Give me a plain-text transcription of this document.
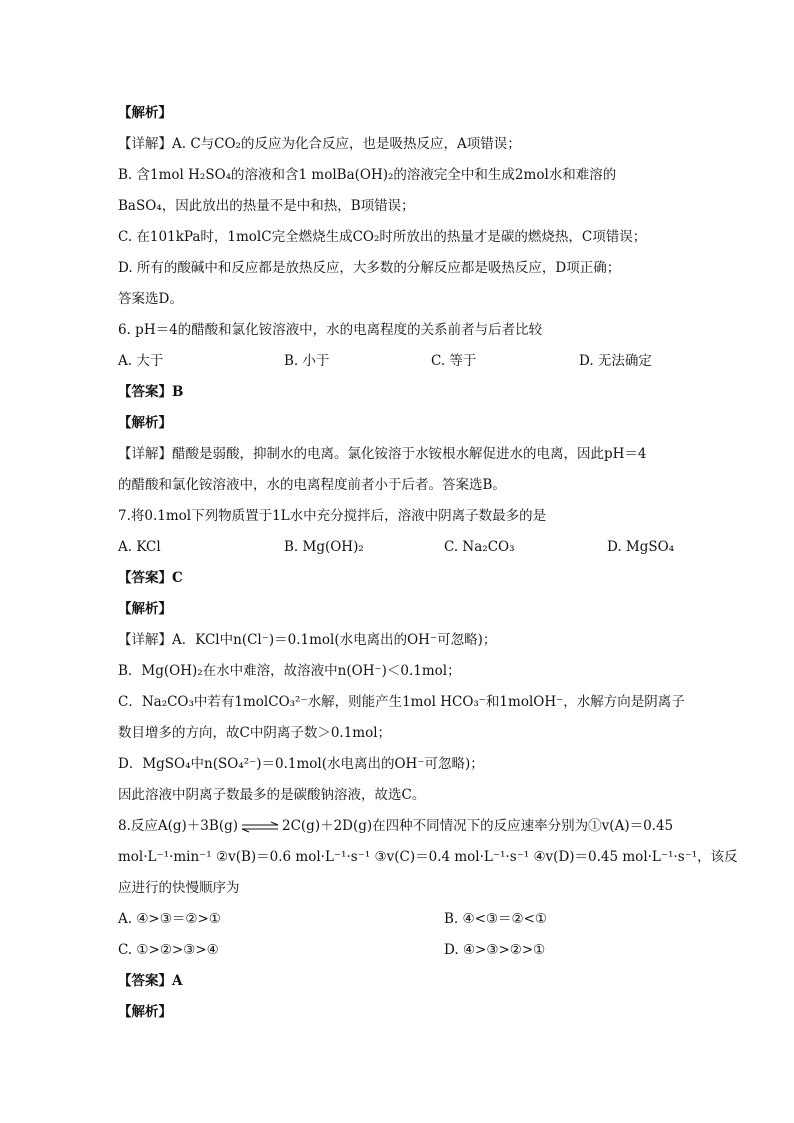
【解析】
【详解】A. C与CO₂的反应为化合反应，也是吸热反应，A项错误；
B. 含1mol H₂SO₄的溶液和含1 molBa(OH)₂的溶液完全中和生成2mol水和难溶的
BaSO₄，因此放出的热量不是中和热，B项错误；
C. 在101kPa时，1molC完全燃烧生成CO₂时所放出的热量才是碳的燃烧热，C项错误；
D. 所有的酸碱中和反应都是放热反应，大多数的分解反应都是吸热反应，D项正确；
答案选D。
6. pH＝4的醋酸和氯化铵溶液中，水的电离程度的关系前者与后者比较
A. 大于	B. 小于	C. 等于	D. 无法确定
【答案】B
【解析】
【详解】醋酸是弱酸，抑制水的电离。氯化铵溶于水铵根水解促进水的电离，因此pH＝4
的醋酸和氯化铵溶液中，水的电离程度前者小于后者。答案选B。
7.将0.1mol下列物质置于1L水中充分搅拌后，溶液中阴离子数最多的是
A. KCl	B. Mg(OH)₂	C. Na₂CO₃	D. MgSO₄
【答案】C
【解析】
【详解】A．KCl中n(Cl⁻)＝0.1mol(水电离出的OH⁻可忽略)；
B．Mg(OH)₂在水中难溶，故溶液中n(OH⁻)＜0.1mol；
C．Na₂CO₃中若有1molCO₃²⁻水解，则能产生1mol HCO₃⁻和1molOH⁻，水解方向是阴离子
数目增多的方向，故C中阴离子数＞0.1mol；
D．MgSO₄中n(SO₄²⁻)＝0.1mol(水电离出的OH⁻可忽略)；
因此溶液中阴离子数最多的是碳酸钠溶液，故选C。
8.反应A(g)＋3B(g) ⇌ 2C(g)＋2D(g)在四种不同情况下的反应速率分别为①v(A)＝0.45
mol·L⁻¹·min⁻¹ ②v(B)＝0.6 mol·L⁻¹·s⁻¹ ③v(C)＝0.4 mol·L⁻¹·s⁻¹ ④v(D)＝0.45 mol·L⁻¹·s⁻¹，该反
应进行的快慢顺序为
A. ④>③＝②>①	B. ④<③＝②<①
C. ①>②>③>④	D. ④>③>②>①
【答案】A
【解析】
